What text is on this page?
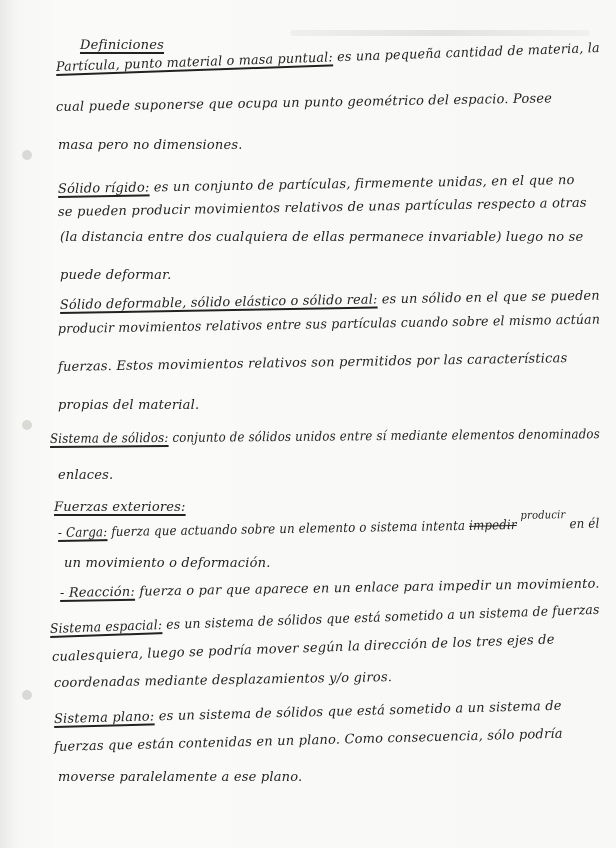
Definiciones
Partícula, punto material o masa puntual: es una pequeña cantidad de materia, la
cual puede suponerse que ocupa un punto geométrico del espacio. Posee
masa pero no dimensiones.
Sólido rígido: es un conjunto de partículas, firmemente unidas, en el que no
se pueden producir movimientos relativos de unas partículas respecto a otras
(la distancia entre dos cualquiera de ellas permanece invariable) luego no se
puede deformar.
Sólido deformable, sólido elástico o sólido real: es un sólido en el que se pueden
producir movimientos relativos entre sus partículas cuando sobre el mismo actúan
fuerzas. Estos movimientos relativos son permitidos por las características
propias del material.
Sistema de sólidos: conjunto de sólidos unidos entre sí mediante elementos denominados
enlaces.
Fuerzas exteriores:
- Carga: fuerza que actuando sobre un elemento o sistema intenta impedir $^{producir}$ en él
un movimiento o deformación.
- Reacción: fuerza o par que aparece en un enlace para impedir un movimiento.
Sistema espacial: es un sistema de sólidos que está sometido a un sistema de fuerzas
cualesquiera, luego se podría mover según la dirección de los tres ejes de
coordenadas mediante desplazamientos y/o giros.
Sistema plano: es un sistema de sólidos que está sometido a un sistema de
fuerzas que están contenidas en un plano. Como consecuencia, sólo podría
moverse paralelamente a ese plano.
